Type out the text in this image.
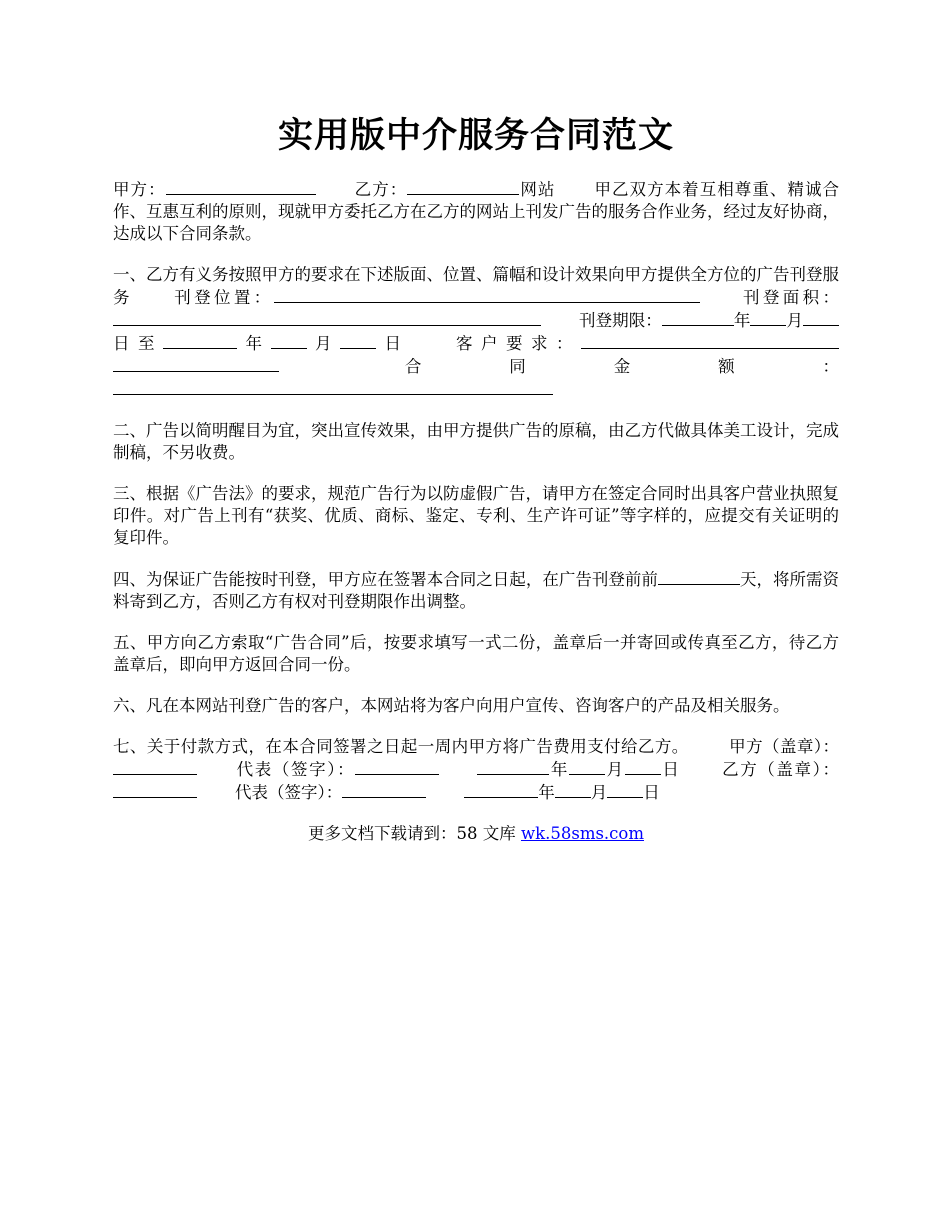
实用版中介服务合同范文

甲方：	乙方：	网站 甲乙双方本着互相尊重、精诚合作、互惠互利的原则，现就甲方委托乙方在乙方的网站上刊发广告的服务合作业务，经过友好协商，达成以下合同条款。

一、乙方有义务按照甲方的要求在下述版面、位置、篇幅和设计效果向甲方提供全方位的广告刊登服务 刊登位置：	刊登面积：刊登期限：	年 月日至	年 月 日 客户要求：合同金额：

二、广告以简明醒目为宜，突出宣传效果，由甲方提供广告的原稿，由乙方代做具体美工设计，完成制稿，不另收费。

三、根据《广告法》的要求，规范广告行为以防虚假广告，请甲方在签定合同时出具客户营业执照复印件。对广告上刊有“获奖、优质、商标、鉴定、专利、生产许可证”等字样的，应提交有关证明的复印件。

四、为保证广告能按时刊登，甲方应在签署本合同之日起，在广告刊登前前	天，将所需资料寄到乙方，否则乙方有权对刊登期限作出调整。

五、甲方向乙方索取“广告合同”后，按要求填写一式二份，盖章后一并寄回或传真至乙方，待乙方盖章后，即向甲方返回合同一份。

六、凡在本网站刊登广告的客户，本网站将为客户向用户宣传、咨询客户的产品及相关服务。

七、关于付款方式，在本合同签署之日起一周内甲方将广告费用支付给乙方。 甲方（盖章）：代表（签字）：	年 月 日 乙方（盖章）：代表（签字）：	年 月 日

更多文档下载请到：58 文库 wk.58sms.com
